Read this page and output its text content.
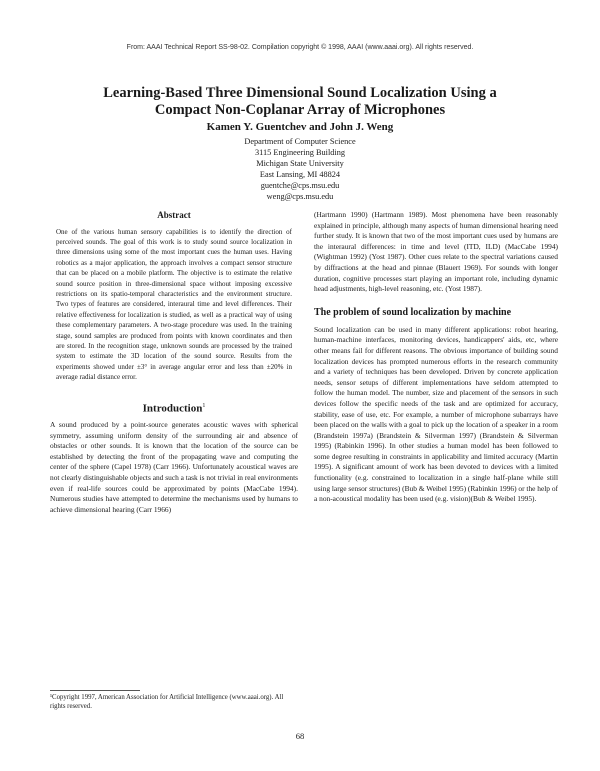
From: AAAI Technical Report SS-98-02. Compilation copyright © 1998, AAAI (www.aaai.org). All rights reserved.
Learning-Based Three Dimensional Sound Localization Using a
Compact Non-Coplanar Array of Microphones
Kamen Y. Guentchev and John J. Weng
Department of Computer Science
3115 Engineering Building
Michigan State University
East Lansing, MI 48824
guentche@cps.msu.edu
weng@cps.msu.edu
Abstract

One of the various human sensory capabilities is to identify the direction of perceived sounds. The goal of this work is to study sound source localization in three dimensions using some of the most important cues the human uses. Having robotics as a major application, the approach involves a compact sensor structure that can be placed on a mobile platform. The objective is to estimate the relative sound source position in three-dimensional space without imposing excessive restrictions on its spatio-temporal characteristics and the environment structure. Two types of features are considered, interaural time and level differences. Their relative effectiveness for localization is studied, as well as a practical way of using these complementary parameters. A two-stage procedure was used. In the training stage, sound samples are produced from points with known coordinates and then are stored. In the recognition stage, unknown sounds are processed by the trained system to estimate the 3D location of the sound source. Results from the experiments showed under ±3° in average angular error and less than ±20% in average radial distance error.

Introduction$^1$

A sound produced by a point-source generates acoustic waves with spherical symmetry, assuming uniform density of the surrounding air and absence of obstacles or other sounds. It is known that the location of the source can be established by detecting the front of the propagating wave and computing the center of the sphere (Capel 1978) (Carr 1966). Unfortunately acoustical waves are not clearly distinguishable objects and such a task is not trivial in real environments even if real-life sources could be approximated by points (MacCabe 1994). Numerous studies have attempted to determine the mechanisms used by humans to achieve dimensional hearing (Carr 1966)

¹Copyright 1997, American Association for Artificial Intelligence (www.aaai.org). All rights reserved.

(Hartmann 1990) (Hartmann 1989). Most phenomena have been reasonably explained in principle, although many aspects of human dimensional hearing need further study. It is known that two of the most important cues used by humans are the interaural differences: in time and level (ITD, ILD) (MacCabe 1994) (Wightman 1992) (Yost 1987). Other cues relate to the spectral variations caused by diffractions at the head and pinnae (Blauert 1969). For sounds with longer duration, cognitive processes start playing an important role, including dynamic head adjustments, high-level reasoning, etc. (Yost 1987).

The problem of sound localization by machine

Sound localization can be used in many different applications: robot hearing, human-machine interfaces, monitoring devices, handicappers' aids, etc, where other means fail for different reasons. The obvious importance of building sound localization devices has prompted numerous efforts in the research community and a variety of techniques has been developed. Driven by concrete application needs, sensor setups of different implementations have seldom attempted to follow the human model. The number, size and placement of the sensors in such devices follow the specific needs of the task and are optimized for accuracy, stability, ease of use, etc. For example, a number of microphone subarrays have been placed on the walls with a goal to pick up the location of a speaker in a room (Brandstein 1997a) (Brandstein & Silverman 1997) (Brandstein & Silverman 1995) (Rabinkin 1996). In other studies a human model has been followed to some degree resulting in constraints in applicability and limited accuracy (Martin 1995). A significant amount of work has been devoted to devices with a limited functionality (e.g. constrained to localization in a single half-plane while still using large sensor structures) (Bub & Weibel 1995) (Rabinkin 1996) or the help of a non-acoustical modality has been used (e.g. vision)(Bub & Weibel 1995).

68
